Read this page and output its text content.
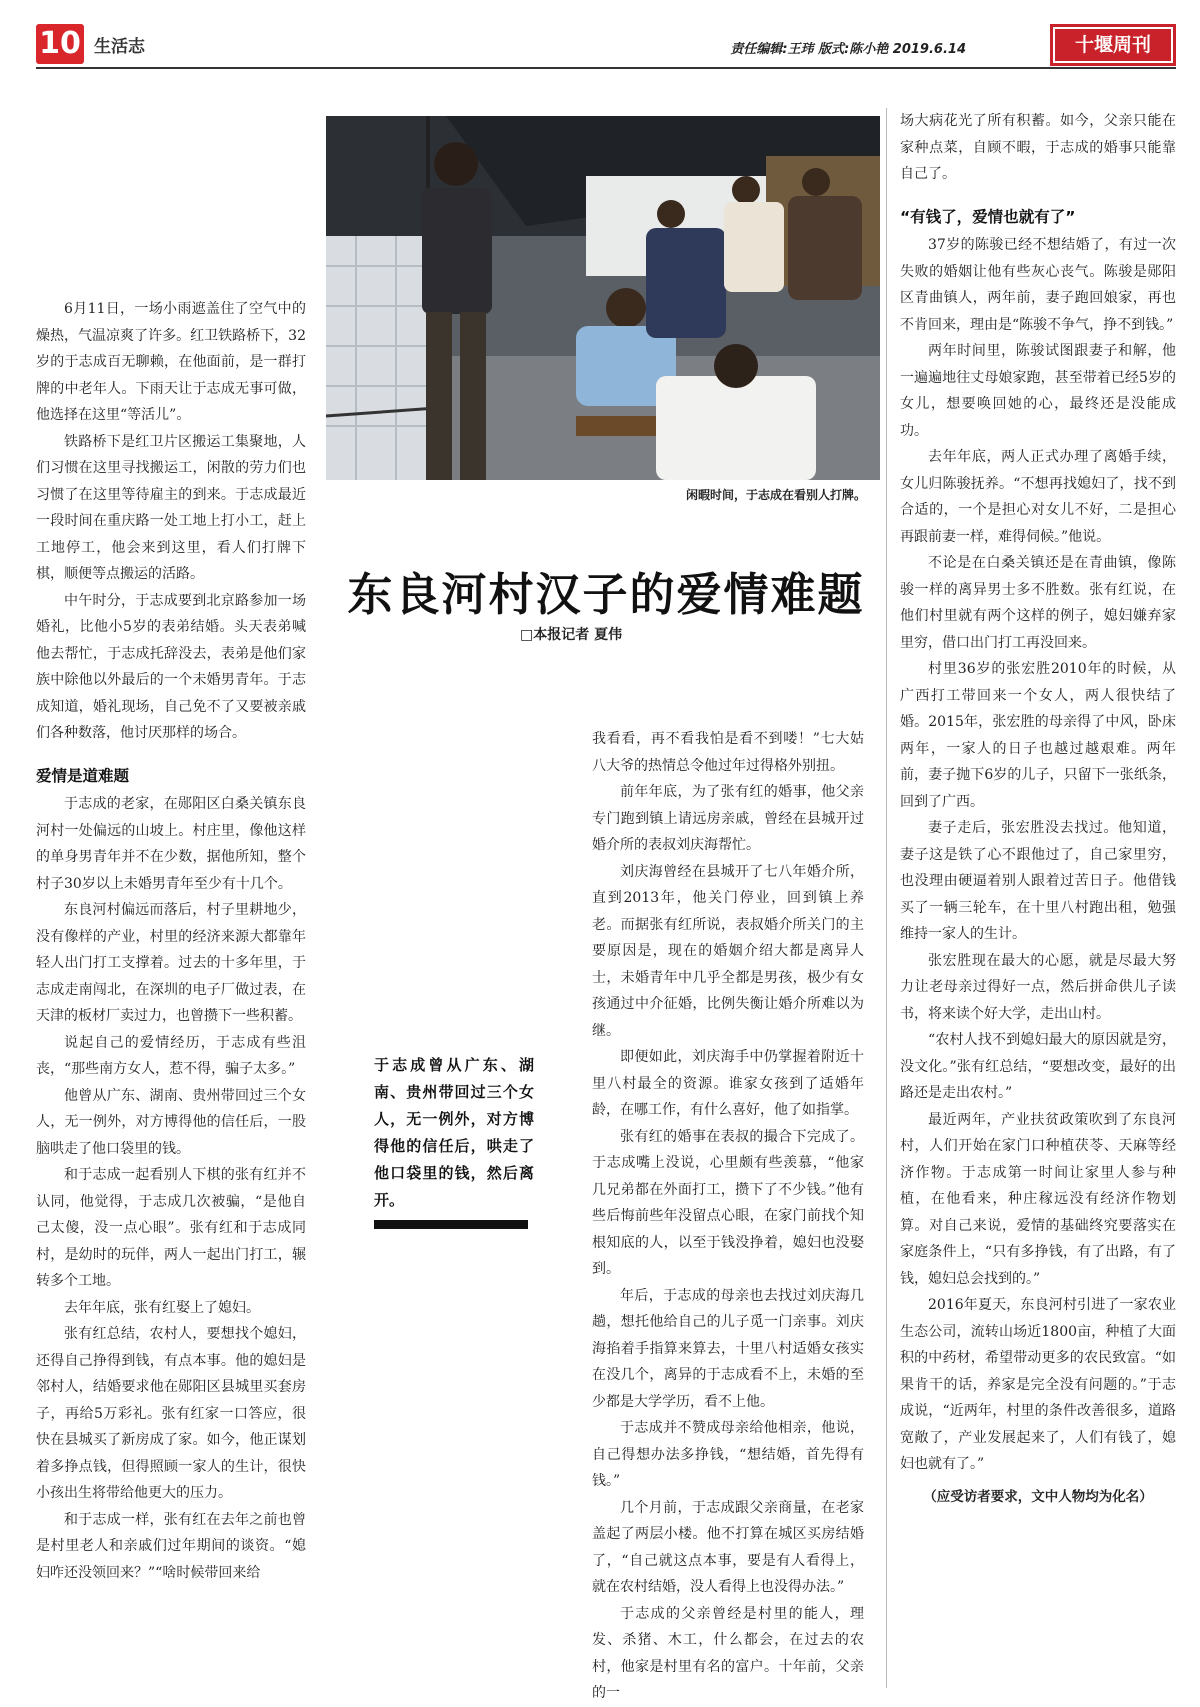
10 生活志	责任编辑:王玮 版式:陈小艳 2019.6.14	十堰周刊

6月11日，一场小雨遮盖住了空气中的燥热，气温凉爽了许多。红卫铁路桥下，32岁的于志成百无聊赖，在他面前，是一群打牌的中老年人。下雨天让于志成无事可做，他选择在这里“等活儿”。

铁路桥下是红卫片区搬运工集聚地，人们习惯在这里寻找搬运工，闲散的劳力们也习惯了在这里等待雇主的到来。于志成最近一段时间在重庆路一处工地上打小工，赶上工地停工，他会来到这里，看人们打牌下棋，顺便等点搬运的活路。

中午时分，于志成要到北京路参加一场婚礼，比他小5岁的表弟结婚。头天表弟喊他去帮忙，于志成托辞没去，表弟是他们家族中除他以外最后的一个未婚男青年。于志成知道，婚礼现场，自己免不了又要被亲戚们各种数落，他讨厌那样的场合。

爱情是道难题

于志成的老家，在郧阳区白桑关镇东良河村一处偏远的山坡上。村庄里，像他这样的单身男青年并不在少数，据他所知，整个村子30岁以上未婚男青年至少有十几个。

东良河村偏远而落后，村子里耕地少，没有像样的产业，村里的经济来源大都靠年轻人出门打工支撑着。过去的十多年里，于志成走南闯北，在深圳的电子厂做过表，在天津的板材厂卖过力，也曾攒下一些积蓄。

说起自己的爱情经历，于志成有些沮丧，“那些南方女人，惹不得，骗子太多。”

他曾从广东、湖南、贵州带回过三个女人，无一例外，对方博得他的信任后，一股脑哄走了他口袋里的钱。

和于志成一起看别人下棋的张有红并不认同，他觉得，于志成几次被骗，“是他自己太傻，没一点心眼”。张有红和于志成同村，是幼时的玩伴，两人一起出门打工，辗转多个工地。

去年年底，张有红娶上了媳妇。

张有红总结，农村人，要想找个媳妇，还得自己挣得到钱，有点本事。他的媳妇是邻村人，结婚要求他在郧阳区县城里买套房子，再给5万彩礼。张有红家一口答应，很快在县城买了新房成了家。如今，他正谋划着多挣点钱，但得照顾一家人的生计，很快小孩出生将带给他更大的压力。

和于志成一样，张有红在去年之前也曾是村里老人和亲戚们过年期间的谈资。“媳妇咋还没领回来？”“啥时候带回来给

闲暇时间，于志成在看别人打牌。
东良河村汉子的爱情难题
□本报记者 夏伟
于志成曾从广东、湖南、贵州带回过三个女人，无一例外，对方博得他的信任后，哄走了他口袋里的钱，然后离开。

我看看，再不看我怕是看不到喽！”七大姑八大爷的热情总令他过年过得格外别扭。

前年年底，为了张有红的婚事，他父亲专门跑到镇上请远房亲戚，曾经在县城开过婚介所的表叔刘庆海帮忙。

刘庆海曾经在县城开了七八年婚介所，直到2013年，他关门停业，回到镇上养老。而据张有红所说，表叔婚介所关门的主要原因是，现在的婚姻介绍大都是离异人士，未婚青年中几乎全都是男孩，极少有女孩通过中介征婚，比例失衡让婚介所难以为继。

即便如此，刘庆海手中仍掌握着附近十里八村最全的资源。谁家女孩到了适婚年龄，在哪工作，有什么喜好，他了如指掌。

张有红的婚事在表叔的撮合下完成了。于志成嘴上没说，心里颇有些羡慕，“他家几兄弟都在外面打工，攒下了不少钱。”他有些后悔前些年没留点心眼，在家门前找个知根知底的人，以至于钱没挣着，媳妇也没娶到。

年后，于志成的母亲也去找过刘庆海几趟，想托他给自己的儿子觅一门亲事。刘庆海掐着手指算来算去，十里八村适婚女孩实在没几个，离异的于志成看不上，未婚的至少都是大学学历，看不上他。

于志成并不赞成母亲给他相亲，他说，自己得想办法多挣钱，“想结婚，首先得有钱。”

几个月前，于志成跟父亲商量，在老家盖起了两层小楼。他不打算在城区买房结婚了，“自己就这点本事，要是有人看得上，就在农村结婚，没人看得上也没得办法。”

于志成的父亲曾经是村里的能人，理发、杀猪、木工，什么都会，在过去的农村，他家是村里有名的富户。十年前，父亲的一

场大病花光了所有积蓄。如今，父亲只能在家种点菜，自顾不暇，于志成的婚事只能靠自己了。

“有钱了，爱情也就有了”

37岁的陈骏已经不想结婚了，有过一次失败的婚姻让他有些灰心丧气。陈骏是郧阳区青曲镇人，两年前，妻子跑回娘家，再也不肯回来，理由是“陈骏不争气，挣不到钱。”

两年时间里，陈骏试图跟妻子和解，他一遍遍地往丈母娘家跑，甚至带着已经5岁的女儿，想要唤回她的心，最终还是没能成功。

去年年底，两人正式办理了离婚手续，女儿归陈骏抚养。“不想再找媳妇了，找不到合适的，一个是担心对女儿不好，二是担心再跟前妻一样，难得伺候。”他说。

不论是在白桑关镇还是在青曲镇，像陈骏一样的离异男士多不胜数。张有红说，在他们村里就有两个这样的例子，媳妇嫌弃家里穷，借口出门打工再没回来。

村里36岁的张宏胜2010年的时候，从广西打工带回来一个女人，两人很快结了婚。2015年，张宏胜的母亲得了中风，卧床两年，一家人的日子也越过越艰难。两年前，妻子抛下6岁的儿子，只留下一张纸条，回到了广西。

妻子走后，张宏胜没去找过。他知道，妻子这是铁了心不跟他过了，自己家里穷，也没理由硬逼着别人跟着过苦日子。他借钱买了一辆三轮车，在十里八村跑出租，勉强维持一家人的生计。

张宏胜现在最大的心愿，就是尽最大努力让老母亲过得好一点，然后拼命供儿子读书，将来读个好大学，走出山村。

“农村人找不到媳妇最大的原因就是穷，没文化。”张有红总结，“要想改变，最好的出路还是走出农村。”

最近两年，产业扶贫政策吹到了东良河村，人们开始在家门口种植茯苓、天麻等经济作物。于志成第一时间让家里人参与种植，在他看来，种庄稼远没有经济作物划算。对自己来说，爱情的基础终究要落实在家庭条件上，“只有多挣钱，有了出路，有了钱，媳妇总会找到的。”

2016年夏天，东良河村引进了一家农业生态公司，流转山场近1800亩，种植了大面积的中药材，希望带动更多的农民致富。“如果肯干的话，养家是完全没有问题的。”于志成说，“近两年，村里的条件改善很多，道路宽敞了，产业发展起来了，人们有钱了，媳妇也就有了。”

（应受访者要求，文中人物均为化名）
